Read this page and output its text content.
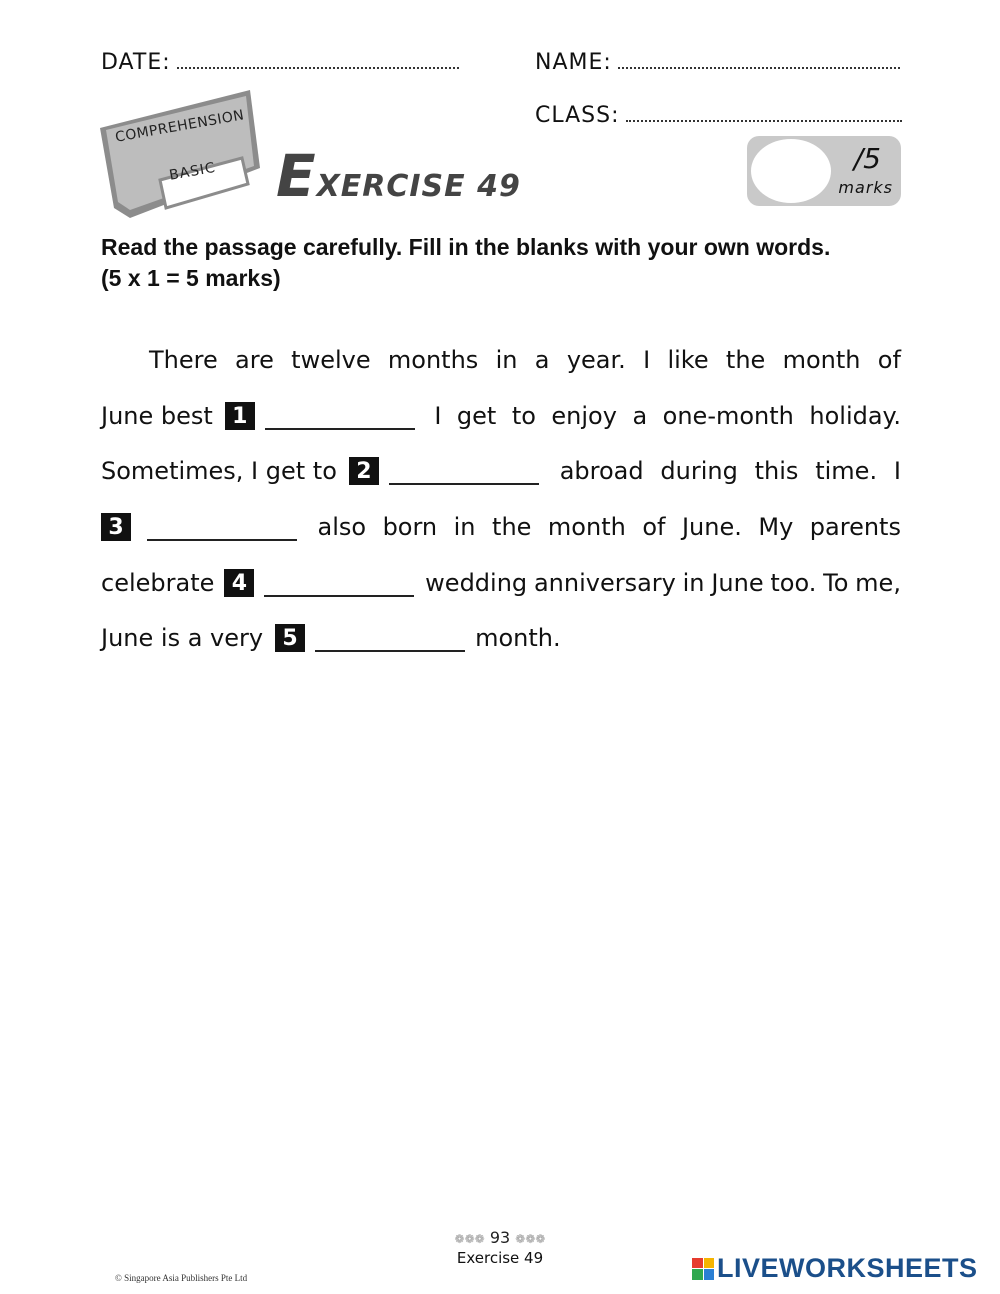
DATE:	NAME:
CLASS:
COMPREHENSION
BASIC EXERCISE 49
/5
marks
Read the passage carefully. Fill in the blanks with your own words.
(5 x 1 = 5 marks)
There are twelve months in a year. I like the month of
June best 1	I get to enjoy a one-month holiday.
Sometimes, I get to 2	abroad during this time. I
3	also born in the month of June. My parents
celebrate 4	wedding anniversary in June too. To me,
June is a very 5	month.
❁❁❁ 93 ❁❁❁
Exercise 49
© Singapore Asia Publishers Pte Ltd	LIVEWORKSHEETS
